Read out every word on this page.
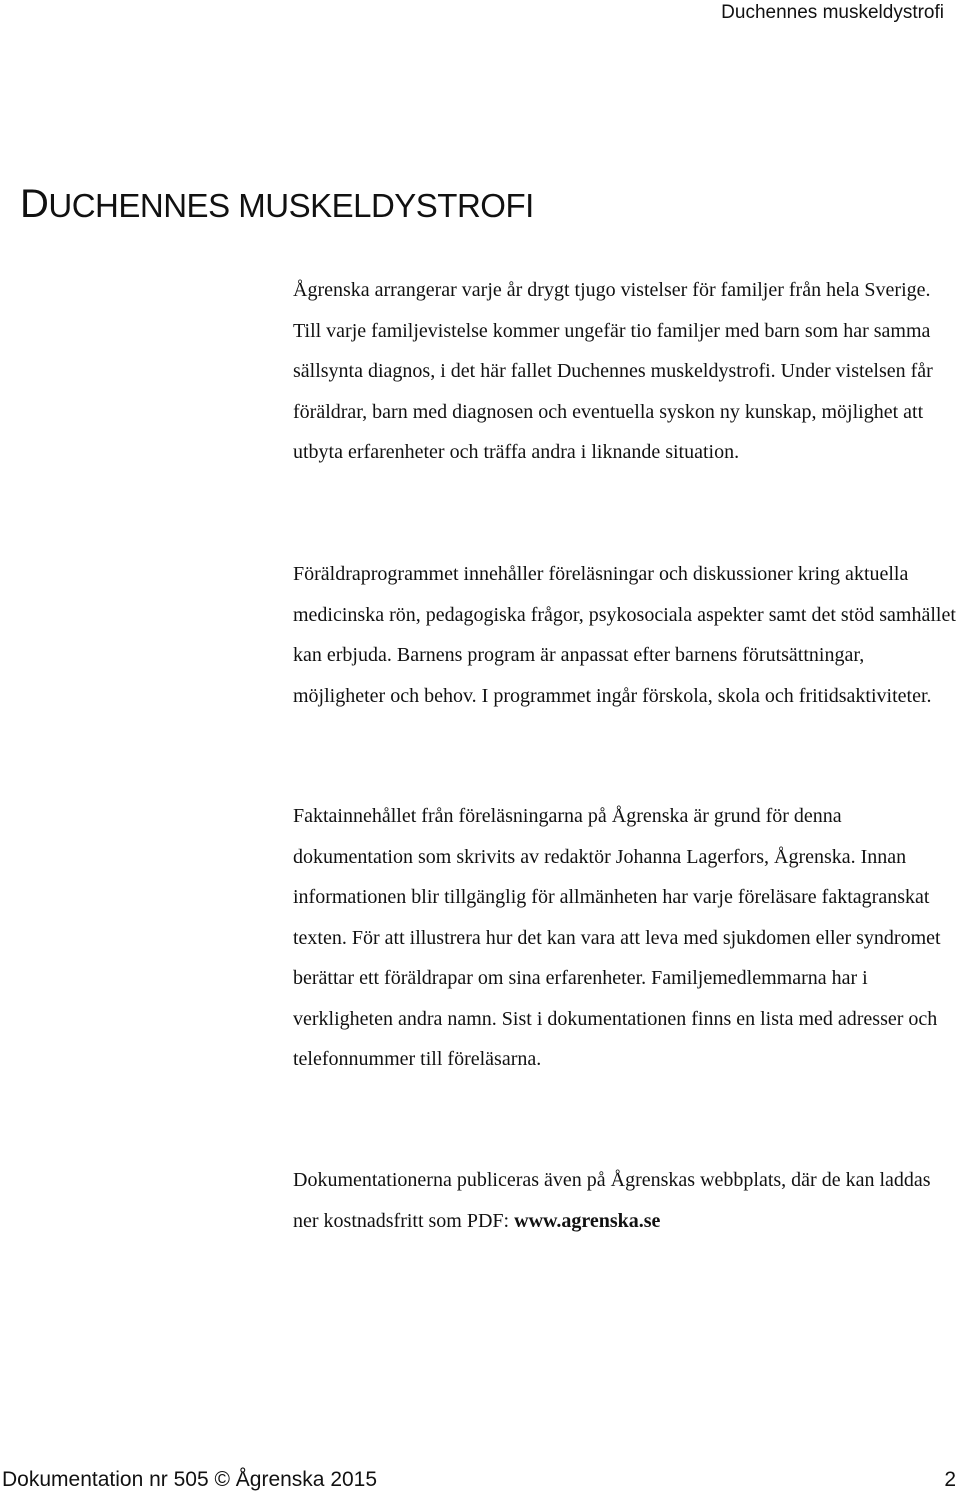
Duchennes muskeldystrofi
DUCHENNES MUSKELDYSTROFI

Ågrenska arrangerar varje år drygt tjugo vistelser för familjer från hela Sverige. Till varje familjevistelse kommer ungefär tio familjer med barn som har samma sällsynta diagnos, i det här fallet Duchennes muskeldystrofi. Under vistelsen får föräldrar, barn med diagnosen och eventuella syskon ny kunskap, möjlighet att utbyta erfarenheter och träffa andra i liknande situation.

Föräldraprogrammet innehåller föreläsningar och diskussioner kring aktuella medicinska rön, pedagogiska frågor, psykosociala aspekter samt det stöd samhället kan erbjuda. Barnens program är anpassat efter barnens förutsättningar, möjligheter och behov. I programmet ingår förskola, skola och fritidsaktiviteter.

Faktainnehållet från föreläsningarna på Ågrenska är grund för denna dokumentation som skrivits av redaktör Johanna Lagerfors, Ågrenska. Innan informationen blir tillgänglig för allmänheten har varje föreläsare faktagranskat texten. För att illustrera hur det kan vara att leva med sjukdomen eller syndromet berättar ett föräldrapar om sina erfarenheter. Familjemedlemmarna har i verkligheten andra namn. Sist i dokumentationen finns en lista med adresser och telefonnummer till föreläsarna.

Dokumentationerna publiceras även på Ågrenskas webbplats, där de kan laddas ner kostnadsfritt som PDF: www.agrenska.se

Dokumentation nr 505 © Ågrenska 2015	2
